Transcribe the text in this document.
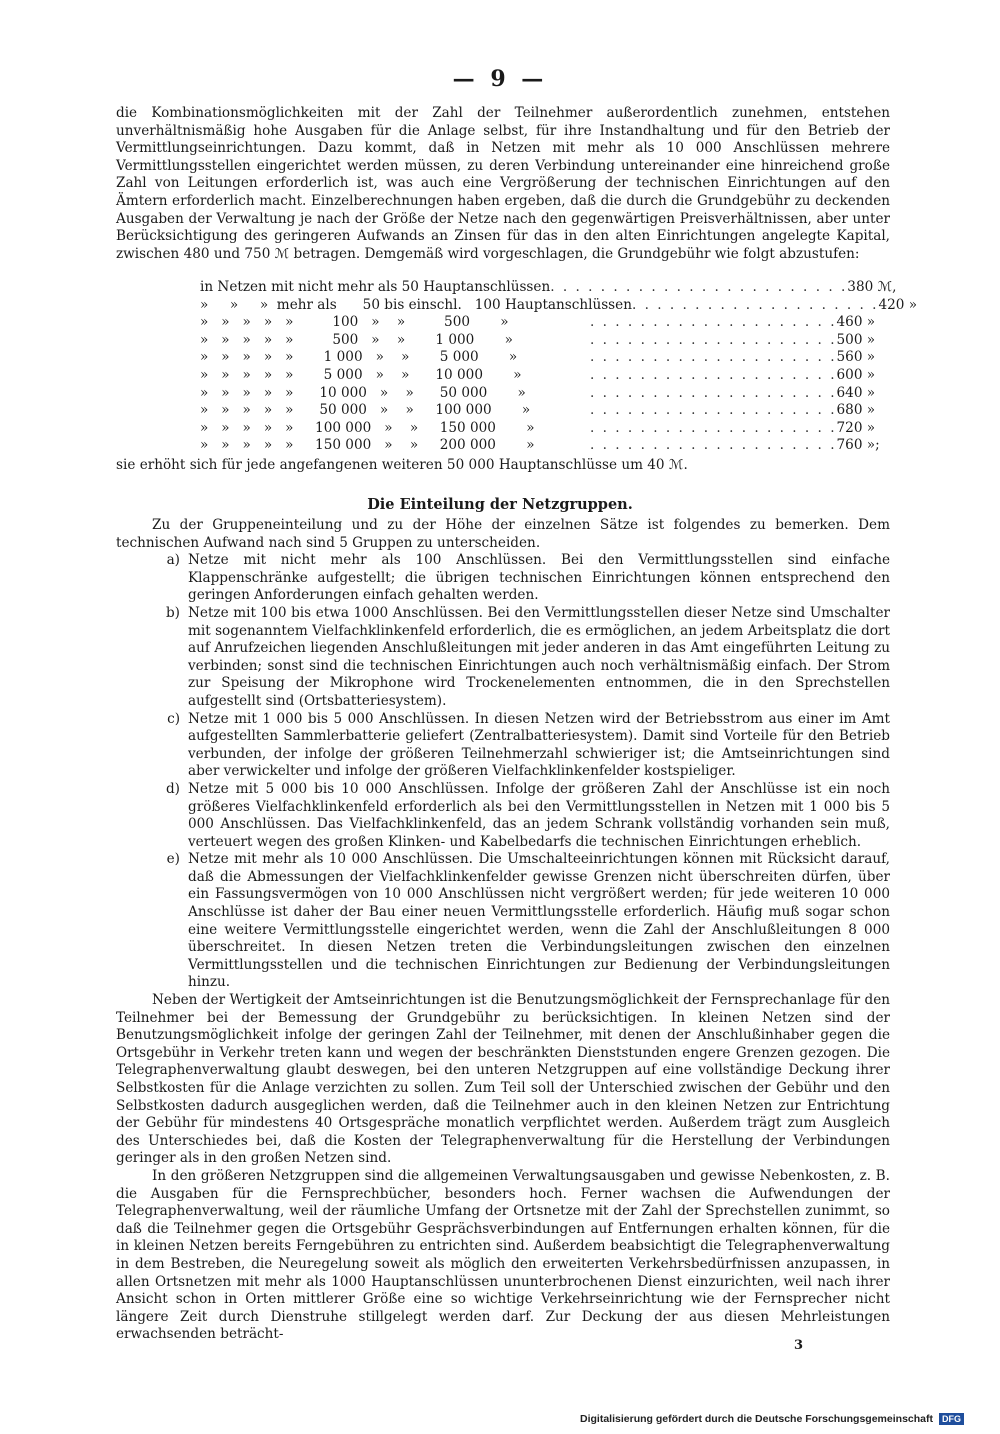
— 9 —

die Kombinationsmöglichkeiten mit der Zahl der Teilnehmer außerordentlich zunehmen, entstehen unverhältnismäßig hohe Ausgaben für die Anlage selbst, für ihre Instandhaltung und für den Betrieb der Vermittlungseinrichtungen. Dazu kommt, daß in Netzen mit mehr als 10 000 Anschlüssen mehrere Vermittlungsstellen eingerichtet werden müssen, zu deren Verbindung untereinander eine hinreichend große Zahl von Leitungen erforderlich ist, was auch eine Vergrößerung der technischen Einrichtungen auf den Ämtern erforderlich macht. Einzelberechnungen haben ergeben, daß die durch die Grundgebühr zu deckenden Ausgaben der Verwaltung je nach der Größe der Netze nach den gegenwärtigen Preisverhältnissen, aber unter Berücksichtigung des geringeren Aufwands an Zinsen für das in den alten Einrichtungen angelegte Kapital, zwischen 480 und 750 ℳ betragen. Demgemäß wird vorgeschlagen, die Grundgebühr wie folgt abzustufen:

in Netzen mit nicht mehr als 50 Hauptanschlüssen . . . . . . . . . . . . . . . . . . . . . . . . 380 ℳ,
»     »     »  mehr als      50 bis einschl.   100 Hauptanschlüssen . . . . . . . . . . . . . . . . . . . . 420 »
»   »   »   »   »         100   »    »         500       »	. . . . . . . . . . . . . . . . . . . . 460 »
»   »   »   »   »         500   »    »       1 000       »	. . . . . . . . . . . . . . . . . . . . 500 »
»   »   »   »   »       1 000   »    »       5 000       »	. . . . . . . . . . . . . . . . . . . . 560 »
»   »   »   »   »       5 000   »    »      10 000       »	. . . . . . . . . . . . . . . . . . . . 600 »
»   »   »   »   »      10 000   »    »      50 000       »	. . . . . . . . . . . . . . . . . . . . 640 »
»   »   »   »   »      50 000   »    »     100 000       »	. . . . . . . . . . . . . . . . . . . . 680 »
»   »   »   »   »     100 000   »    »     150 000       »	. . . . . . . . . . . . . . . . . . . . 720 »
»   »   »   »   »     150 000   »    »     200 000       »	. . . . . . . . . . . . . . . . . . . . 760 »;
sie erhöht sich für jede angefangenen weiteren 50 000 Hauptanschlüsse um 40 ℳ.
Die Einteilung der Netzgruppen.

Zu der Gruppeneinteilung und zu der Höhe der einzelnen Sätze ist folgendes zu bemerken. Dem technischen Aufwand nach sind 5 Gruppen zu unterscheiden.

a) Netze mit nicht mehr als 100 Anschlüssen. Bei den Vermittlungsstellen sind einfache Klappenschränke aufgestellt; die übrigen technischen Einrichtungen können entsprechend den geringen Anforderungen einfach gehalten werden.
b) Netze mit 100 bis etwa 1000 Anschlüssen. Bei den Vermittlungsstellen dieser Netze sind Umschalter mit sogenanntem Vielfachklinkenfeld erforderlich, die es ermöglichen, an jedem Arbeitsplatz die dort auf Anrufzeichen liegenden Anschlußleitungen mit jeder anderen in das Amt eingeführten Leitung zu verbinden; sonst sind die technischen Einrichtungen auch noch verhältnismäßig einfach. Der Strom zur Speisung der Mikrophone wird Trockenelementen entnommen, die in den Sprechstellen aufgestellt sind (Ortsbatteriesystem).
c) Netze mit 1 000 bis 5 000 Anschlüssen. In diesen Netzen wird der Betriebsstrom aus einer im Amt aufgestellten Sammlerbatterie geliefert (Zentralbatteriesystem). Damit sind Vorteile für den Betrieb verbunden, der infolge der größeren Teilnehmerzahl schwieriger ist; die Amtseinrichtungen sind aber verwickelter und infolge der größeren Vielfachklinkenfelder kostspieliger.
d) Netze mit 5 000 bis 10 000 Anschlüssen. Infolge der größeren Zahl der Anschlüsse ist ein noch größeres Vielfachklinkenfeld erforderlich als bei den Vermittlungsstellen in Netzen mit 1 000 bis 5 000 Anschlüssen. Das Vielfachklinkenfeld, das an jedem Schrank vollständig vorhanden sein muß, verteuert wegen des großen Klinken- und Kabelbedarfs die technischen Einrichtungen erheblich.
e) Netze mit mehr als 10 000 Anschlüssen. Die Umschalteeinrichtungen können mit Rücksicht darauf, daß die Abmessungen der Vielfachklinkenfelder gewisse Grenzen nicht überschreiten dürfen, über ein Fassungsvermögen von 10 000 Anschlüssen nicht vergrößert werden; für jede weiteren 10 000 Anschlüsse ist daher der Bau einer neuen Vermittlungsstelle erforderlich. Häufig muß sogar schon eine weitere Vermittlungsstelle eingerichtet werden, wenn die Zahl der Anschlußleitungen 8 000 überschreitet. In diesen Netzen treten die Verbindungsleitungen zwischen den einzelnen Vermittlungsstellen und die technischen Einrichtungen zur Bedienung der Verbindungsleitungen hinzu.

Neben der Wertigkeit der Amtseinrichtungen ist die Benutzungsmöglichkeit der Fernsprechanlage für den Teilnehmer bei der Bemessung der Grundgebühr zu berücksichtigen. In kleinen Netzen sind der Benutzungsmöglichkeit infolge der geringen Zahl der Teilnehmer, mit denen der Anschlußinhaber gegen die Ortsgebühr in Verkehr treten kann und wegen der beschränkten Dienststunden engere Grenzen gezogen. Die Telegraphenverwaltung glaubt deswegen, bei den unteren Netzgruppen auf eine vollständige Deckung ihrer Selbstkosten für die Anlage verzichten zu sollen. Zum Teil soll der Unterschied zwischen der Gebühr und den Selbstkosten dadurch ausgeglichen werden, daß die Teilnehmer auch in den kleinen Netzen zur Entrichtung der Gebühr für mindestens 40 Ortsgespräche monatlich verpflichtet werden. Außerdem trägt zum Ausgleich des Unterschiedes bei, daß die Kosten der Telegraphenverwaltung für die Herstellung der Verbindungen geringer als in den großen Netzen sind.

In den größeren Netzgruppen sind die allgemeinen Verwaltungsausgaben und gewisse Nebenkosten, z. B. die Ausgaben für die Fernsprechbücher, besonders hoch. Ferner wachsen die Aufwendungen der Telegraphenverwaltung, weil der räumliche Umfang der Ortsnetze mit der Zahl der Sprechstellen zunimmt, so daß die Teilnehmer gegen die Ortsgebühr Gesprächsverbindungen auf Entfernungen erhalten können, für die in kleinen Netzen bereits Ferngebühren zu entrichten sind. Außerdem beabsichtigt die Telegraphenverwaltung in dem Bestreben, die Neuregelung soweit als möglich den erweiterten Verkehrsbedürfnissen anzupassen, in allen Ortsnetzen mit mehr als 1000 Hauptanschlüssen ununterbrochenen Dienst einzurichten, weil nach ihrer Ansicht schon in Orten mittlerer Größe eine so wichtige Verkehrseinrichtung wie der Fernsprecher nicht längere Zeit durch Dienstruhe stillgelegt werden darf. Zur Deckung der aus diesen Mehrleistungen erwachsenden beträcht-

3
Digitalisierung gefördert durch die Deutsche Forschungsgemeinschaft	DFG
